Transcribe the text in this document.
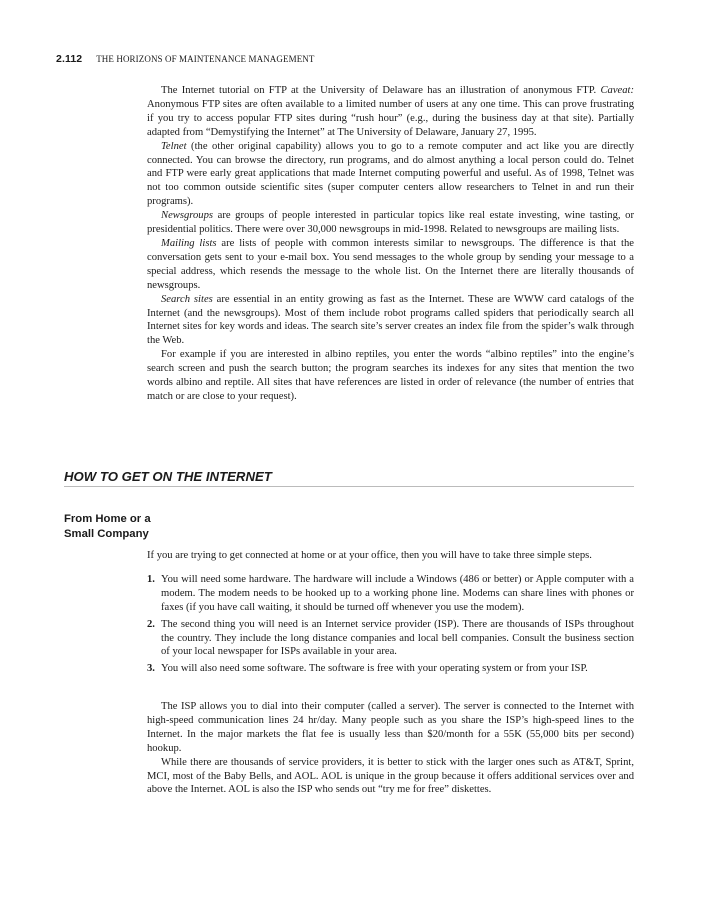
2.112 THE HORIZONS OF MAINTENANCE MANAGEMENT

The Internet tutorial on FTP at the University of Delaware has an illustration of anonymous FTP. Caveat: Anonymous FTP sites are often available to a limited number of users at any one time. This can prove frustrating if you try to access popular FTP sites during “rush hour” (e.g., during the business day at that site). Partially adapted from “Demystifying the Internet” at The University of Delaware, January 27, 1995.

Telnet (the other original capability) allows you to go to a remote computer and act like you are directly connected. You can browse the directory, run programs, and do almost anything a local person could do. Telnet and FTP were early great applications that made Internet computing powerful and useful. As of 1998, Telnet was not too common outside scientific sites (super computer centers allow researchers to Telnet in and run their programs).

Newsgroups are groups of people interested in particular topics like real estate investing, wine tasting, or presidential politics. There were over 30,000 newsgroups in mid-1998. Related to newsgroups are mailing lists.

Mailing lists are lists of people with common interests similar to newsgroups. The difference is that the conversation gets sent to your e-mail box. You send messages to the whole group by sending your message to a special address, which resends the message to the whole list. On the Internet there are literally thousands of newsgroups.

Search sites are essential in an entity growing as fast as the Internet. These are WWW card catalogs of the Internet (and the newsgroups). Most of them include robot programs called spiders that periodically search all Internet sites for key words and ideas. The search site’s server creates an index file from the spider’s walk through the Web.

For example if you are interested in albino reptiles, you enter the words “albino reptiles” into the engine’s search screen and push the search button; the program searches its indexes for any sites that mention the two words albino and reptile. All sites that have references are listed in order of relevance (the number of entries that match or are close to your request).

HOW TO GET ON THE INTERNET
From Home or a
Small Company

If you are trying to get connected at home or at your office, then you will have to take three simple steps.

1. You will need some hardware. The hardware will include a Windows (486 or better) or Apple computer with a modem. The modem needs to be hooked up to a working phone line. Modems can share lines with phones or faxes (if you have call waiting, it should be turned off whenever you use the modem).
2. The second thing you will need is an Internet service provider (ISP). There are thousands of ISPs throughout the country. They include the long distance companies and local bell companies. Consult the business section of your local newspaper for ISPs available in your area.
3. You will also need some software. The software is free with your operating system or from your ISP.

The ISP allows you to dial into their computer (called a server). The server is connected to the Internet with high-speed communication lines 24 hr/day. Many people such as you share the ISP’s high-speed lines to the Internet. In the major markets the flat fee is usually less than $20/month for a 55K (55,000 bits per second) hookup.

While there are thousands of service providers, it is better to stick with the larger ones such as AT&T, Sprint, MCI, most of the Baby Bells, and AOL. AOL is unique in the group because it offers additional services over and above the Internet. AOL is also the ISP who sends out “try me for free” diskettes.
